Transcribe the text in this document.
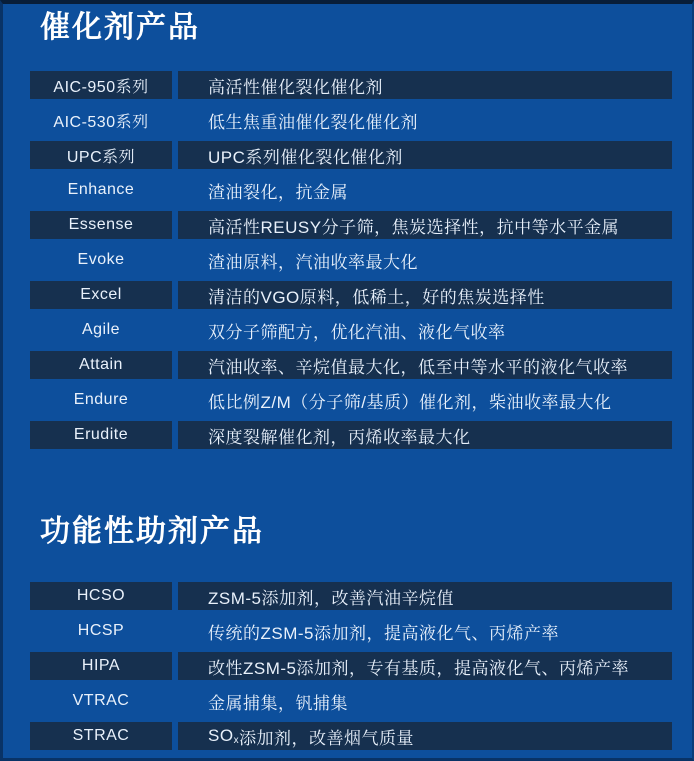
催化剂产品
AIC-950系列	高活性催化裂化催化剂
AIC-530系列	低生焦重油催化裂化催化剂
UPC系列	UPC系列催化裂化催化剂
Enhance	渣油裂化，抗金属
Essense	高活性REUSY分子筛，焦炭选择性，抗中等水平金属
Evoke	渣油原料，汽油收率最大化
Excel	清洁的VGO原料，低稀土，好的焦炭选择性
Agile	双分子筛配方，优化汽油、液化气收率
Attain	汽油收率、辛烷值最大化，低至中等水平的液化气收率
Endure	低比例Z/M（分子筛/基质）催化剂，柴油收率最大化
Erudite	深度裂解催化剂，丙烯收率最大化
功能性助剂产品
HCSO	ZSM-5添加剂，改善汽油辛烷值
HCSP	传统的ZSM-5添加剂，提高液化气、丙烯产率
HIPA	改性ZSM-5添加剂，专有基质，提高液化气、丙烯产率
VTRAC	金属捕集，钒捕集
STRAC	SO x 添加剂，改善烟气质量
